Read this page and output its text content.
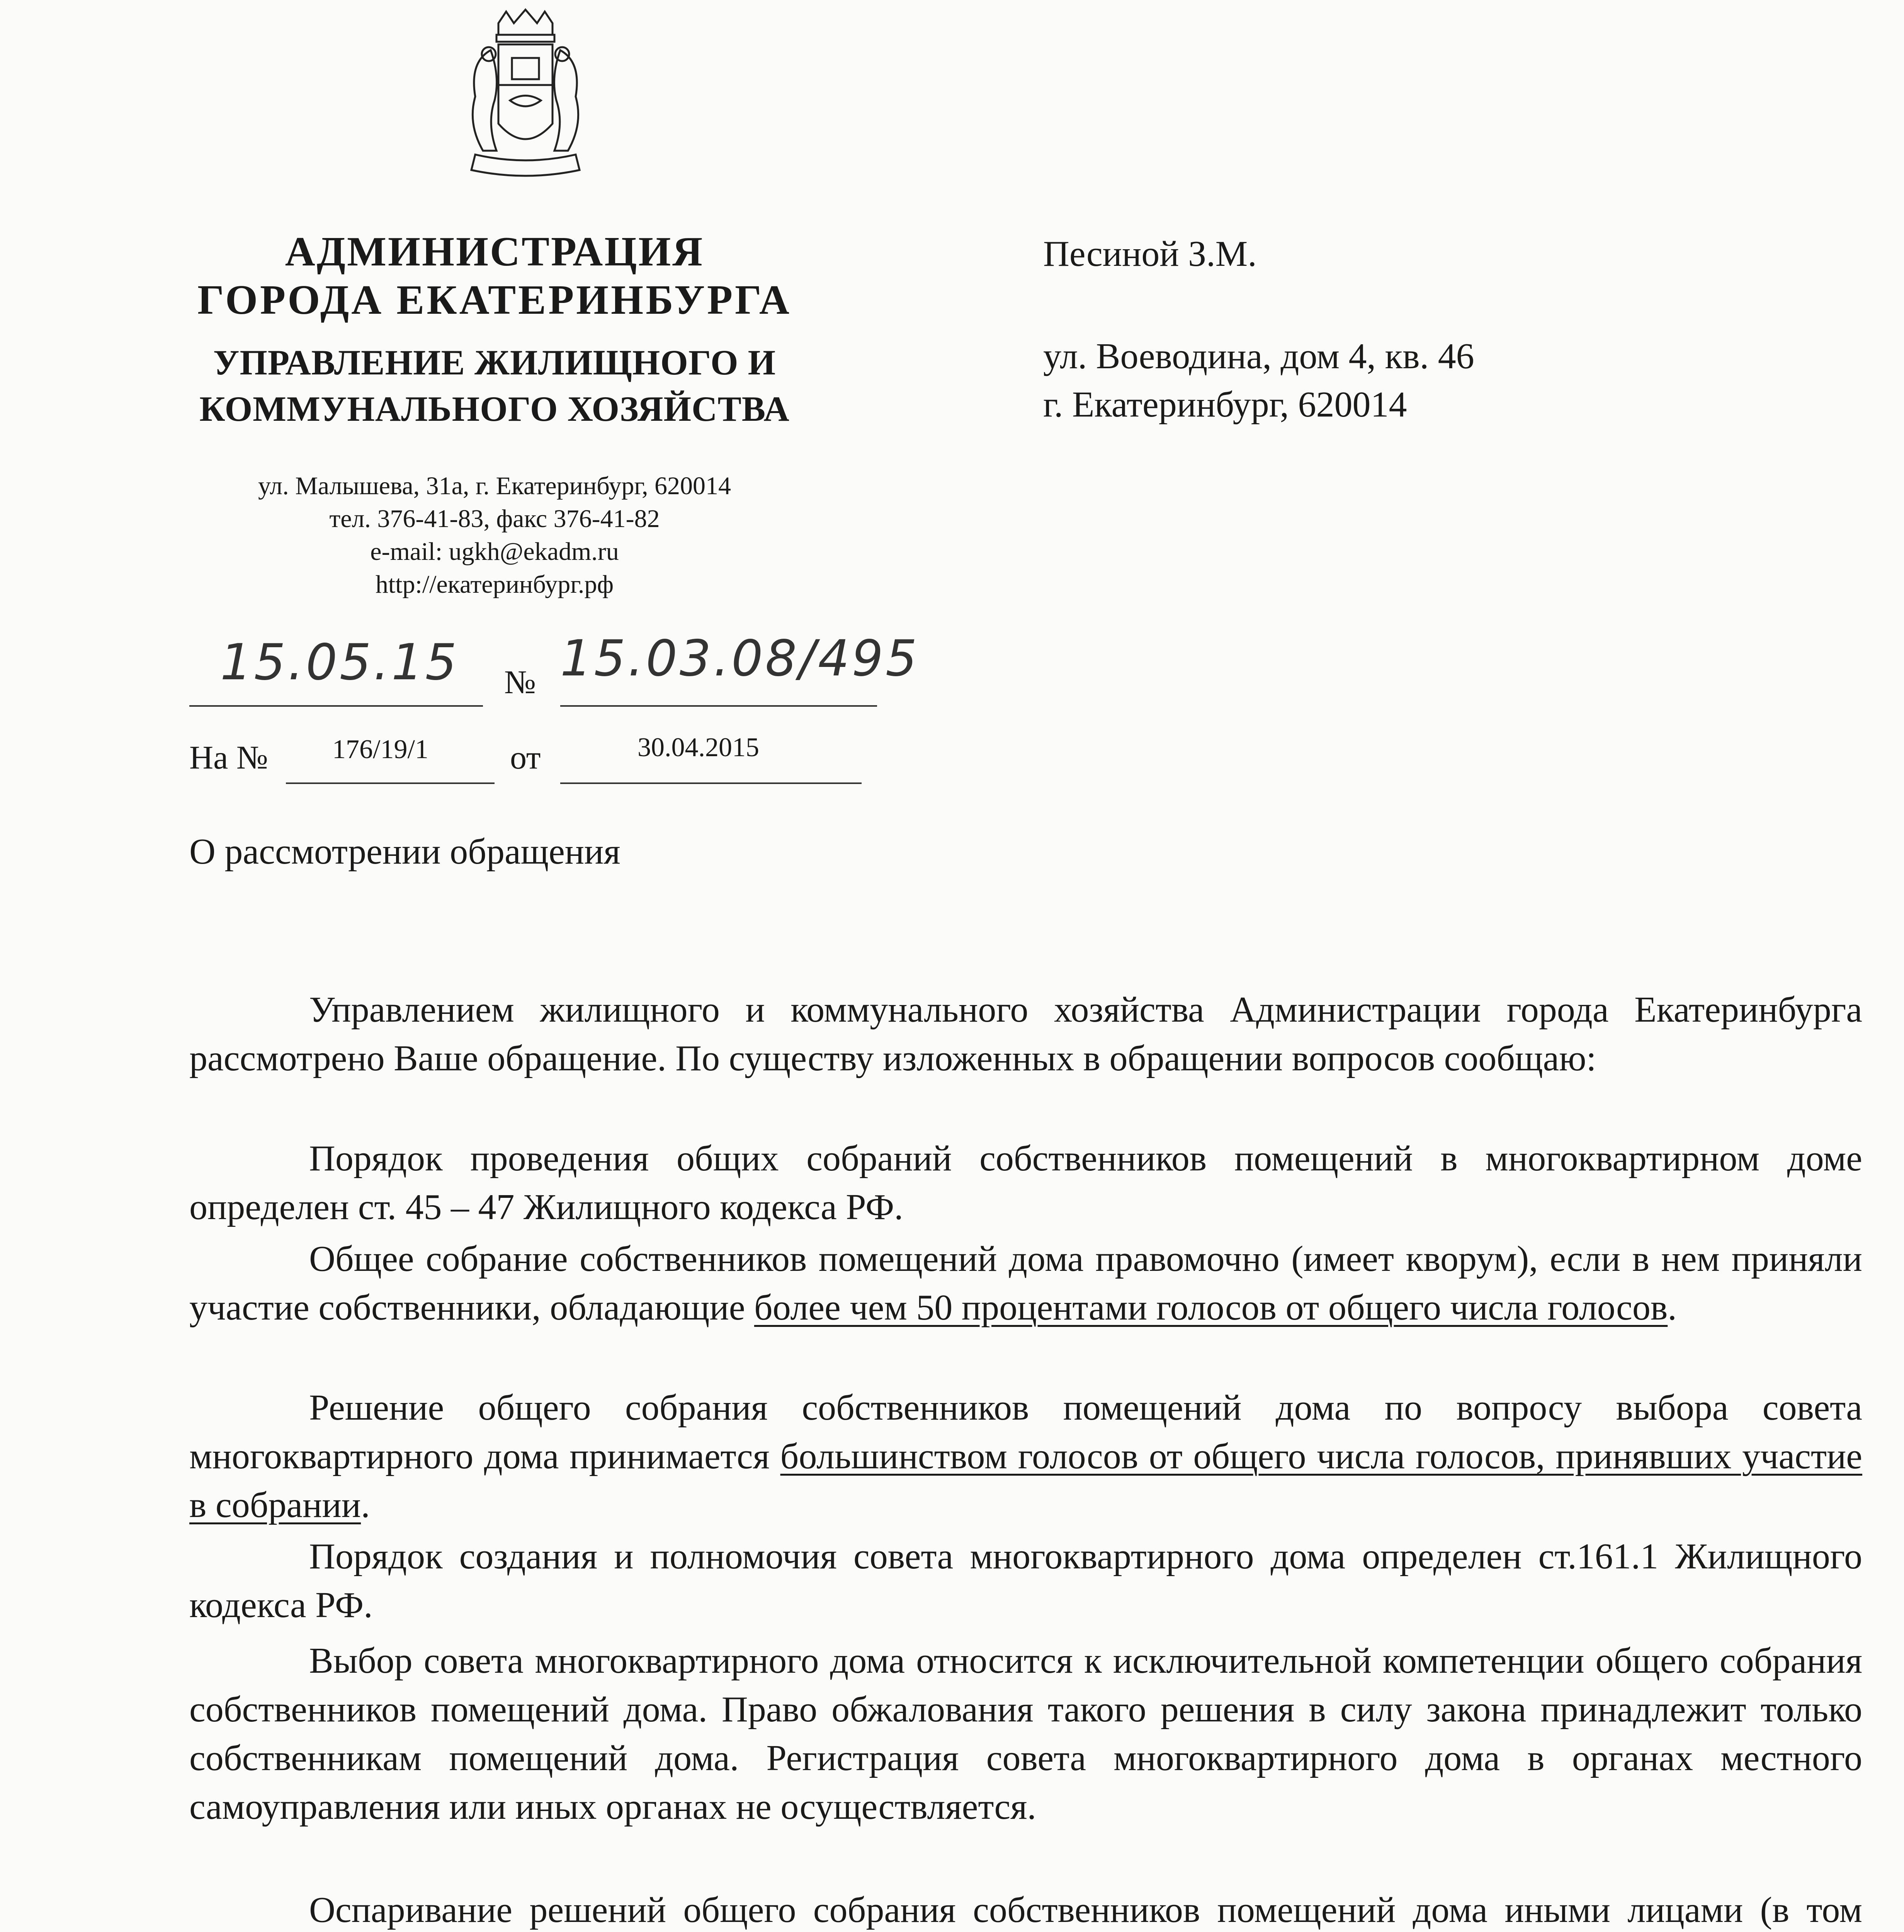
АДМИНИСТРАЦИЯ
ГОРОДА ЕКАТЕРИНБУРГА
УПРАВЛЕНИЕ ЖИЛИЩНОГО И
КОММУНАЛЬНОГО ХОЗЯЙСТВА
ул. Малышева, 31а, г. Екатеринбург, 620014
тел. 376-41-83, факс 376-41-82
e-mail: ugkh@ekadm.ru
http://екатеринбург.рф
15.05.15 № 15.03.08/495
На № 176/19/1 от	30.04.2015
Песиной З.М.
ул. Воеводина, дом 4, кв. 46
г. Екатеринбург, 620014
О рассмотрении обращения
Управлением жилищного и коммунального хозяйства Администрации города Екатеринбурга рассмотрено Ваше обращение. По существу изложенных в обращении вопросов сообщаю:
Порядок проведения общих собраний собственников помещений в многоквартирном доме определен ст. 45 – 47 Жилищного кодекса РФ.
Общее собрание собственников помещений дома правомочно (имеет кворум), если в нем приняли участие собственники, обладающие более чем 50 процентами голосов от общего числа голосов.
Решение общего собрания собственников помещений дома по вопросу выбора совета многоквартирного дома принимается большинством голосов от общего числа голосов, принявших участие в собрании.
Порядок создания и полномочия совета многоквартирного дома определен ст.161.1 Жилищного кодекса РФ.
Выбор совета многоквартирного дома относится к исключительной компетенции общего собрания собственников помещений дома. Право обжалования такого решения в силу закона принадлежит только собственникам помещений дома. Регистрация совета многоквартирного дома в органах местного самоуправления или иных органах не осуществляется.
Оспаривание решений общего собрания собственников помещений дома иными лицами (в том
